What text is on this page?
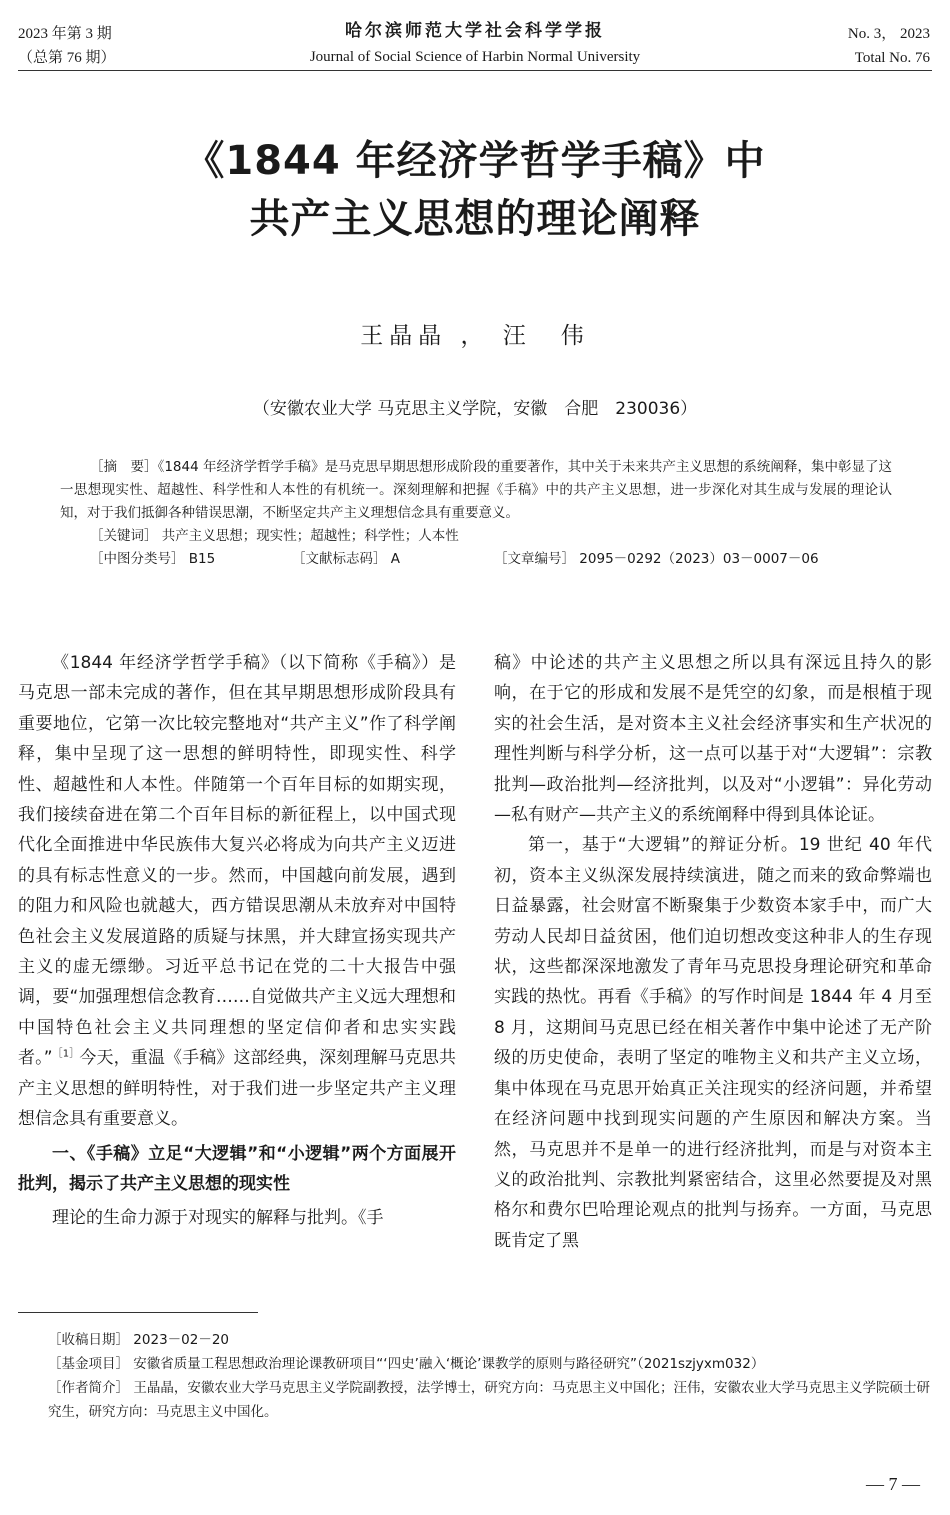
2023 年第 3 期
（总第 76 期）
哈尔滨师范大学社会科学学报
Journal of Social Science of Harbin Normal University
No. 3， 2023
Total No. 76
《1844 年经济学哲学手稿》中
共产主义思想的理论阐释
王晶晶 ， 汪　伟
（安徽农业大学 马克思主义学院，安徽　合肥　230036）

［摘　要］《1844 年经济学哲学手稿》是马克思早期思想形成阶段的重要著作，其中关于未来共产主义思想的系统阐释，集中彰显了这一思想现实性、超越性、科学性和人本性的有机统一。深刻理解和把握《手稿》中的共产主义思想，进一步深化对其生成与发展的理论认知，对于我们抵御各种错误思潮，不断坚定共产主义理想信念具有重要意义。

［关键词］ 共产主义思想；现实性；超越性；科学性；人本性

［中图分类号］ B15	［文献标志码］ A	［文章编号］ 2095－0292（2023）03－0007－06

《1844 年经济学哲学手稿》（以下简称《手稿》）是马克思一部未完成的著作，但在其早期思想形成阶段具有重要地位，它第一次比较完整地对“共产主义”作了科学阐释，集中呈现了这一思想的鲜明特性，即现实性、科学性、超越性和人本性。伴随第一个百年目标的如期实现，我们接续奋进在第二个百年目标的新征程上，以中国式现代化全面推进中华民族伟大复兴必将成为向共产主义迈进的具有标志性意义的一步。然而，中国越向前发展，遇到的阻力和风险也就越大，西方错误思潮从未放弃对中国特色社会主义发展道路的质疑与抹黑，并大肆宣扬实现共产主义的虚无缥缈。习近平总书记在党的二十大报告中强调，要“加强理想信念教育……自觉做共产主义远大理想和中国特色社会主义共同理想的坚定信仰者和忠实实践者。”$^{[1]}$今天，重温《手稿》这部经典，深刻理解马克思共产主义思想的鲜明特性，对于我们进一步坚定共产主义理想信念具有重要意义。

一、《手稿》立足“大逻辑”和“小逻辑”两个方面展开批判，揭示了共产主义思想的现实性

理论的生命力源于对现实的解释与批判。《手

稿》中论述的共产主义思想之所以具有深远且持久的影响，在于它的形成和发展不是凭空的幻象，而是根植于现实的社会生活，是对资本主义社会经济事实和生产状况的理性判断与科学分析，这一点可以基于对“大逻辑”：宗教批判—政治批判—经济批判，以及对“小逻辑”：异化劳动—私有财产—共产主义的系统阐释中得到具体论证。

第一，基于“大逻辑”的辩证分析。19 世纪 40 年代初，资本主义纵深发展持续演进，随之而来的致命弊端也日益暴露，社会财富不断聚集于少数资本家手中，而广大劳动人民却日益贫困，他们迫切想改变这种非人的生存现状，这些都深深地激发了青年马克思投身理论研究和革命实践的热忱。再看《手稿》的写作时间是 1844 年 4 月至 8 月，这期间马克思已经在相关著作中集中论述了无产阶级的历史使命，表明了坚定的唯物主义和共产主义立场，集中体现在马克思开始真正关注现实的经济问题，并希望在经济问题中找到现实问题的产生原因和解决方案。当然，马克思并不是单一的进行经济批判，而是与对资本主义的政治批判、宗教批判紧密结合，这里必然要提及对黑格尔和费尔巴哈理论观点的批判与扬弃。一方面，马克思既肯定了黑

［收稿日期］ 2023－02－20

［基金项目］ 安徽省质量工程思想政治理论课教研项目“‘四史’融入‘概论’课教学的原则与路径研究”（2021szjyxm032）

［作者简介］ 王晶晶，安徽农业大学马克思主义学院副教授，法学博士，研究方向：马克思主义中国化；汪伟，安徽农业大学马克思主义学院硕士研究生，研究方向：马克思主义中国化。

— 7 —
